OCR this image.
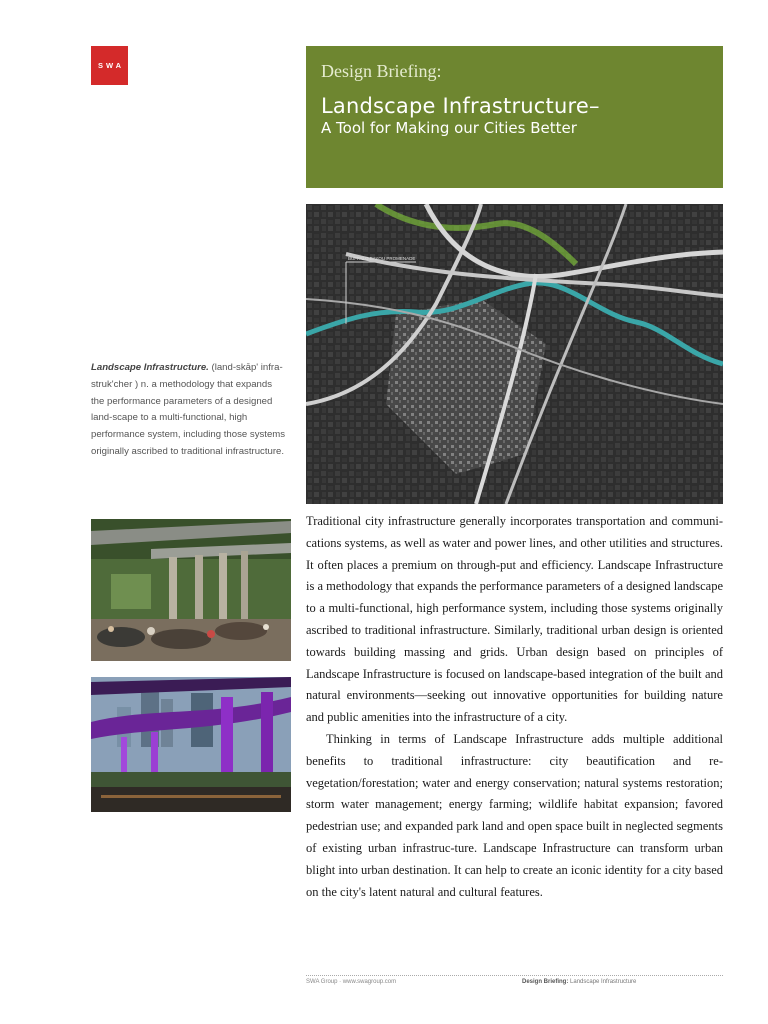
SWA	Design Briefing:
Landscape Infrastructure–
A Tool for Making our Cities Better
BUFFALO BAYOU PROMENADE
Landscape Infrastructure. (land-skāp' infra-struk'cher ) n. a methodology that expands the performance parameters of a designed land-scape to a multi-functional, high performance system, including those systems originally ascribed to traditional infrastructure.

Traditional city infrastructure generally incorporates transportation and communi-cations systems, as well as water and power lines, and other utilities and structures. It often places a premium on through-put and efficiency. Landscape Infrastructure is a methodology that expands the performance parameters of a designed landscape to a multi-functional, high performance system, including those systems originally ascribed to traditional infrastructure. Similarly, traditional urban design is oriented towards building massing and grids. Urban design based on principles of Landscape Infrastructure is focused on landscape-based integration of the built and natural environments—seeking out innovative opportunities for building nature and public amenities into the infrastructure of a city.

Thinking in terms of Landscape Infrastructure adds multiple additional benefits to traditional infrastructure: city beautification and re-vegetation/forestation; water and energy conservation; natural systems restoration; storm water management; energy farming; wildlife habitat expansion; favored pedestrian use; and expanded park land and open space built in neglected segments of existing urban infrastruc-ture. Landscape Infrastructure can transform urban blight into urban destination. It can help to create an iconic identity for a city based on the city's latent natural and cultural features.

SWA Group · www.swagroup.com	Design Briefing: Landscape Infrastructure
